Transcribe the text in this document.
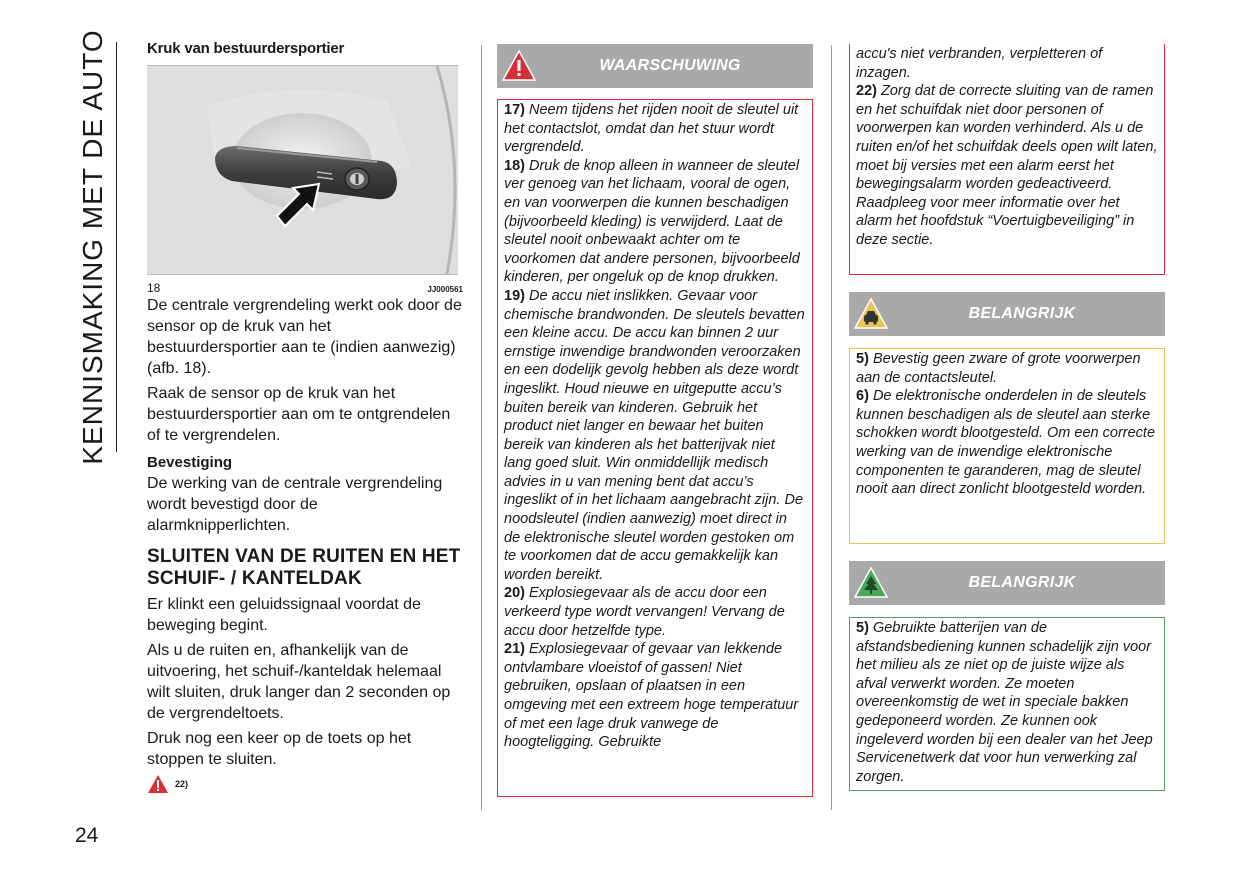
KENNISMAKING MET DE AUTO
24
Kruk van bestuurdersportier
18	JJ000561

De centrale vergrendeling werkt ook door de sensor op de kruk van het bestuurdersportier aan te (indien aanwezig) (afb. 18).

Raak de sensor op de kruk van het bestuurdersportier aan om te ontgrendelen of te vergrendelen.

Bevestiging

De werking van de centrale vergrendeling wordt bevestigd door de alarmknipperlichten.

SLUITEN VAN DE RUITEN EN HET SCHUIF- / KANTELDAK

Er klinkt een geluidssignaal voordat de beweging begint.

Als u de ruiten en, afhankelijk van de uitvoering, het schuif-/kanteldak helemaal wilt sluiten, druk langer dan 2 seconden op de vergrendeltoets.

Druk nog een keer op de toets op het stoppen te sluiten.

22)
WAARSCHUWING

17) Neem tijdens het rijden nooit de sleutel uit het contactslot, omdat dan het stuur wordt vergrendeld.

18) Druk de knop alleen in wanneer de sleutel ver genoeg van het lichaam, vooral de ogen, en van voorwerpen die kunnen beschadigen (bijvoorbeeld kleding) is verwijderd. Laat de sleutel nooit onbewaakt achter om te voorkomen dat andere personen, bijvoorbeeld kinderen, per ongeluk op de knop drukken.

19) De accu niet inslikken. Gevaar voor chemische brandwonden. De sleutels bevatten een kleine accu. De accu kan binnen 2 uur ernstige inwendige brandwonden veroorzaken en een dodelijk gevolg hebben als deze wordt ingeslikt. Houd nieuwe en uitgeputte accu’s buiten bereik van kinderen. Gebruik het product niet langer en bewaar het buiten bereik van kinderen als het batterijvak niet lang goed sluit. Win onmiddellijk medisch advies in u van mening bent dat accu’s ingeslikt of in het lichaam aangebracht zijn. De noodsleutel (indien aanwezig) moet direct in de elektronische sleutel worden gestoken om te voorkomen dat de accu gemakkelijk kan worden bereikt.

20) Explosiegevaar als de accu door een verkeerd type wordt vervangen! Vervang de accu door hetzelfde type.

21) Explosiegevaar of gevaar van lekkende ontvlambare vloeistof of gassen! Niet gebruiken, opslaan of plaatsen in een omgeving met een extreem hoge temperatuur of met een lage druk vanwege de hoogteligging. Gebruikte

accu's niet verbranden, verpletteren of inzagen.

22) Zorg dat de correcte sluiting van de ramen en het schuifdak niet door personen of voorwerpen kan worden verhinderd. Als u de ruiten en/of het schuifdak deels open wilt laten, moet bij versies met een alarm eerst het bewegingsalarm worden gedeactiveerd. Raadpleeg voor meer informatie over het alarm het hoofdstuk “Voertuigbeveiliging” in deze sectie.

BELANGRIJK

5) Bevestig geen zware of grote voorwerpen aan de contactsleutel.

6) De elektronische onderdelen in de sleutels kunnen beschadigen als de sleutel aan sterke schokken wordt blootgesteld. Om een correcte werking van de inwendige elektronische componenten te garanderen, mag de sleutel nooit aan direct zonlicht blootgesteld worden.

BELANGRIJK

5) Gebruikte batterijen van de afstandsbediening kunnen schadelijk zijn voor het milieu als ze niet op de juiste wijze als afval verwerkt worden. Ze moeten overeenkomstig de wet in speciale bakken gedeponeerd worden. Ze kunnen ook ingeleverd worden bij een dealer van het Jeep Servicenetwerk dat voor hun verwerking zal zorgen.
